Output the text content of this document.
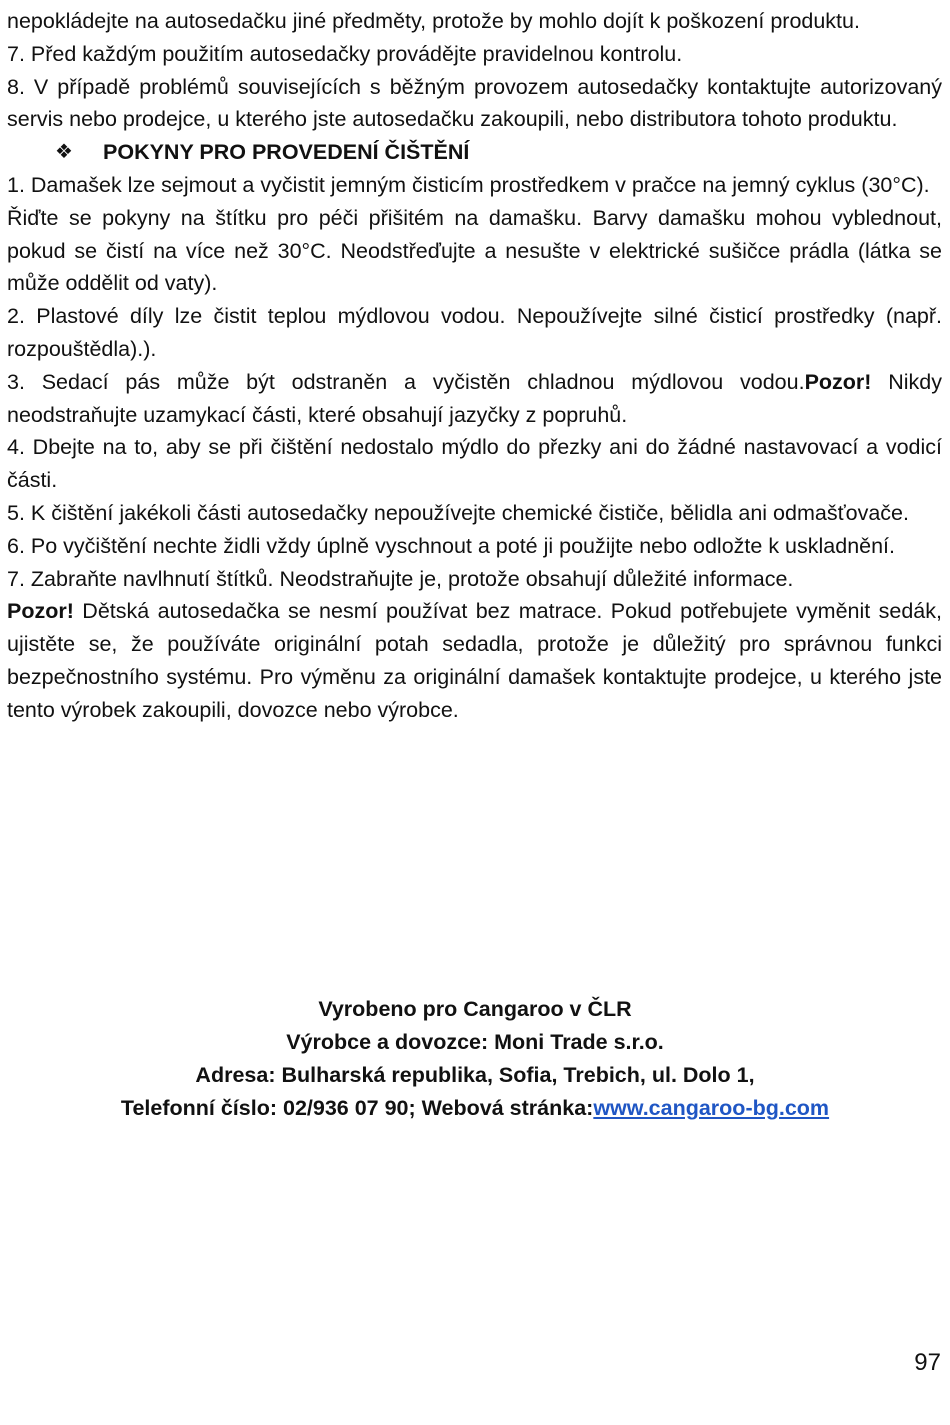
nepokládejte na autosedačku jiné předměty, protože by mohlo dojít k poškození produktu.

7. Před každým použitím autosedačky provádějte pravidelnou kontrolu.

8. V případě problémů souvisejících s běžným provozem autosedačky kontaktujte autorizovaný servis nebo prodejce, u kterého jste autosedačku zakoupili, nebo distributora tohoto produktu.

❖	POKYNY PRO PROVEDENÍ ČIŠTĚNÍ

1. Damašek lze sejmout a vyčistit jemným čisticím prostředkem v pračce na jemný cyklus (30°C).

Řiďte se pokyny na štítku pro péči přišitém na damašku. Barvy damašku mohou vyblednout, pokud se čistí na více než 30°C. Neodstřeďujte a nesušte v elektrické sušičce prádla (látka se může oddělit od vaty).

2. Plastové díly lze čistit teplou mýdlovou vodou. Nepoužívejte silné čisticí prostředky (např. rozpouštědla).).

3. Sedací pás může být odstraněn a vyčistěn chladnou mýdlovou vodou.Pozor! Nikdy neodstraňujte uzamykací části, které obsahují jazyčky z popruhů.

4. Dbejte na to, aby se při čištění nedostalo mýdlo do přezky ani do žádné nastavovací a vodicí části.

5. K čištění jakékoli části autosedačky nepoužívejte chemické čističe, bělidla ani odmašťovače.

6. Po vyčištění nechte židli vždy úplně vyschnout a poté ji použijte nebo odložte k uskladnění.

7. Zabraňte navlhnutí štítků. Neodstraňujte je, protože obsahují důležité informace.

Pozor! Dětská autosedačka se nesmí používat bez matrace. Pokud potřebujete vyměnit sedák, ujistěte se, že používáte originální potah sedadla, protože je důležitý pro správnou funkci bezpečnostního systému. Pro výměnu za originální damašek kontaktujte prodejce, u kterého jste tento výrobek zakoupili, dovozce nebo výrobce.

Vyrobeno pro Cangaroo v ČLR
Výrobce a dovozce: Moni Trade s.r.o.
Adresa: Bulharská republika, Sofia, Trebich, ul. Dolo 1,
Telefonní číslo: 02/936 07 90; Webová stránka:www.cangaroo-bg.com
97
